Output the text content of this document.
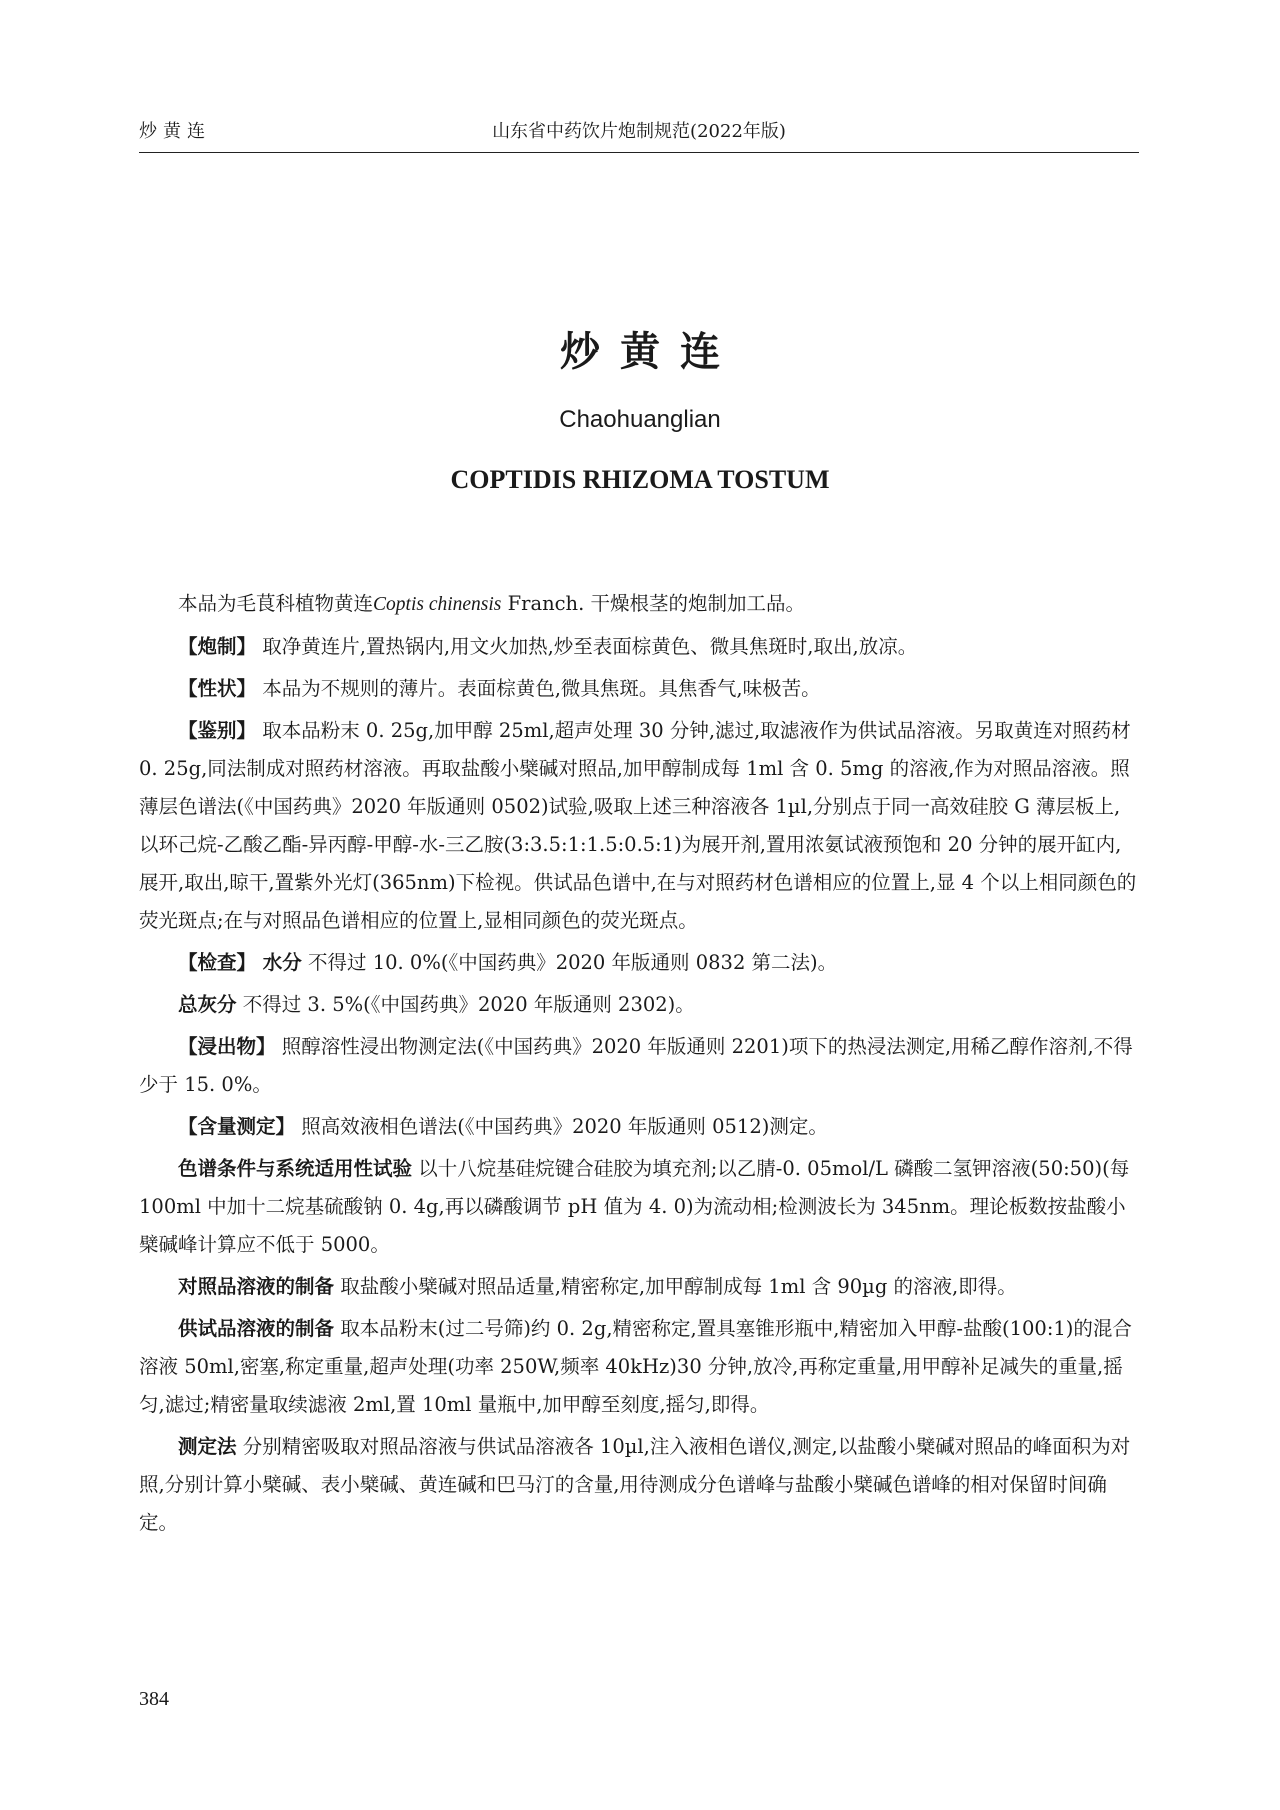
炒黄连	山东省中药饮片炮制规范(2022年版)
炒黄连
Chaohuanglian
COPTIDIS RHIZOMA TOSTUM

本品为毛茛科植物黄连Coptis chinensis Franch. 干燥根茎的炮制加工品。

【炮制】 取净黄连片,置热锅内,用文火加热,炒至表面棕黄色、微具焦斑时,取出,放凉。

【性状】 本品为不规则的薄片。表面棕黄色,微具焦斑。具焦香气,味极苦。

【鉴别】 取本品粉末 0. 25g,加甲醇 25ml,超声处理 30 分钟,滤过,取滤液作为供试品溶液。另取黄连对照药材 0. 25g,同法制成对照药材溶液。再取盐酸小檗碱对照品,加甲醇制成每 1ml 含 0. 5mg 的溶液,作为对照品溶液。照薄层色谱法(《中国药典》2020 年版通则 0502)试验,吸取上述三种溶液各 1µl,分别点于同一高效硅胶 G 薄层板上,以环己烷-乙酸乙酯-异丙醇-甲醇-水-三乙胺(3:3.5:1:1.5:0.5:1)为展开剂,置用浓氨试液预饱和 20 分钟的展开缸内,展开,取出,晾干,置紫外光灯(365nm)下检视。供试品色谱中,在与对照药材色谱相应的位置上,显 4 个以上相同颜色的荧光斑点;在与对照品色谱相应的位置上,显相同颜色的荧光斑点。

【检查】 水分 不得过 10. 0%(《中国药典》2020 年版通则 0832 第二法)。

总灰分 不得过 3. 5%(《中国药典》2020 年版通则 2302)。

【浸出物】 照醇溶性浸出物测定法(《中国药典》2020 年版通则 2201)项下的热浸法测定,用稀乙醇作溶剂,不得少于 15. 0%。

【含量测定】 照高效液相色谱法(《中国药典》2020 年版通则 0512)测定。

色谱条件与系统适用性试验 以十八烷基硅烷键合硅胶为填充剂;以乙腈-0. 05mol/L 磷酸二氢钾溶液(50:50)(每 100ml 中加十二烷基硫酸钠 0. 4g,再以磷酸调节 pH 值为 4. 0)为流动相;检测波长为 345nm。理论板数按盐酸小檗碱峰计算应不低于 5000。

对照品溶液的制备 取盐酸小檗碱对照品适量,精密称定,加甲醇制成每 1ml 含 90µg 的溶液,即得。

供试品溶液的制备 取本品粉末(过二号筛)约 0. 2g,精密称定,置具塞锥形瓶中,精密加入甲醇-盐酸(100:1)的混合溶液 50ml,密塞,称定重量,超声处理(功率 250W,频率 40kHz)30 分钟,放冷,再称定重量,用甲醇补足减失的重量,摇匀,滤过;精密量取续滤液 2ml,置 10ml 量瓶中,加甲醇至刻度,摇匀,即得。

测定法 分别精密吸取对照品溶液与供试品溶液各 10µl,注入液相色谱仪,测定,以盐酸小檗碱对照品的峰面积为对照,分别计算小檗碱、表小檗碱、黄连碱和巴马汀的含量,用待测成分色谱峰与盐酸小檗碱色谱峰的相对保留时间确定。

384
